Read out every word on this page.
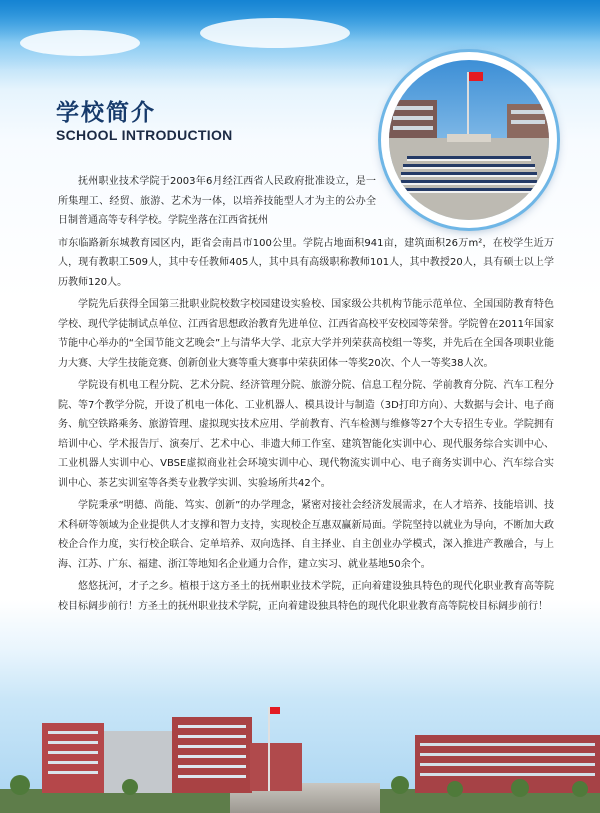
学校简介
SCHOOL INTRODUCTION

抚州职业技术学院于2003年6月经江西省人民政府批准设立，是一所集理工、经贸、旅游、艺术为一体，以培养技能型人才为主的公办全日制普通高等专科学校。学院坐落在江西省抚州

市东临路新东城教育园区内，距省会南昌市100公里。学院占地面积941亩，建筑面积26万m²，在校学生近万人，现有教职工509人，其中专任教师405人，其中具有高级职称教师101人，其中教授20人，具有硕士以上学历教师120人。

学院先后获得全国第三批职业院校数字校园建设实验校、国家级公共机构节能示范单位、全国国防教育特色学校、现代学徒制试点单位、江西省思想政治教育先进单位、江西省高校平安校园等荣誉。学院曾在2011年国家节能中心举办的“全国节能文艺晚会”上与清华大学、北京大学并列荣获高校组一等奖，并先后在全国各项职业能力大赛、大学生技能竞赛、创新创业大赛等重大赛事中荣获团体一等奖20次、个人一等奖38人次。

学院设有机电工程分院、艺术分院、经济管理分院、旅游分院、信息工程分院、学前教育分院、汽车工程分院、等7个教学分院，开设了机电一体化、工业机器人、模具设计与制造（3D打印方向）、大数据与会计、电子商务、航空铁路乘务、旅游管理、虚拟现实技术应用、学前教育、汽车检测与维修等27个大专招生专业。学院拥有培训中心、学术报告厅、演奏厅、艺术中心、非遗大师工作室、建筑智能化实训中心、现代服务综合实训中心、工业机器人实训中心、VBSE虚拟商业社会环境实训中心、现代物流实训中心、电子商务实训中心、汽车综合实训中心、茶艺实训室等各类专业教学实训、实验场所共42个。

学院秉承“明德、尚能、笃实、创新”的办学理念，紧密对接社会经济发展需求，在人才培养、技能培训、技术科研等领域为企业提供人才支撑和智力支持，实现校企互惠双赢新局面。学院坚持以就业为导向，不断加大政校企合作力度，实行校企联合、定单培养、双向选择、自主择业、自主创业办学模式，深入推进产教融合，与上海、江苏、广东、福建、浙江等地知名企业通力合作，建立实习、就业基地50余个。

悠悠抚河，才子之乡。植根于这方圣土的抚州职业技术学院，正向着建设独具特色的现代化职业教育高等院校目标阔步前行！方圣土的抚州职业技术学院，正向着建设独具特色的现代化职业教育高等院校目标阔步前行！
